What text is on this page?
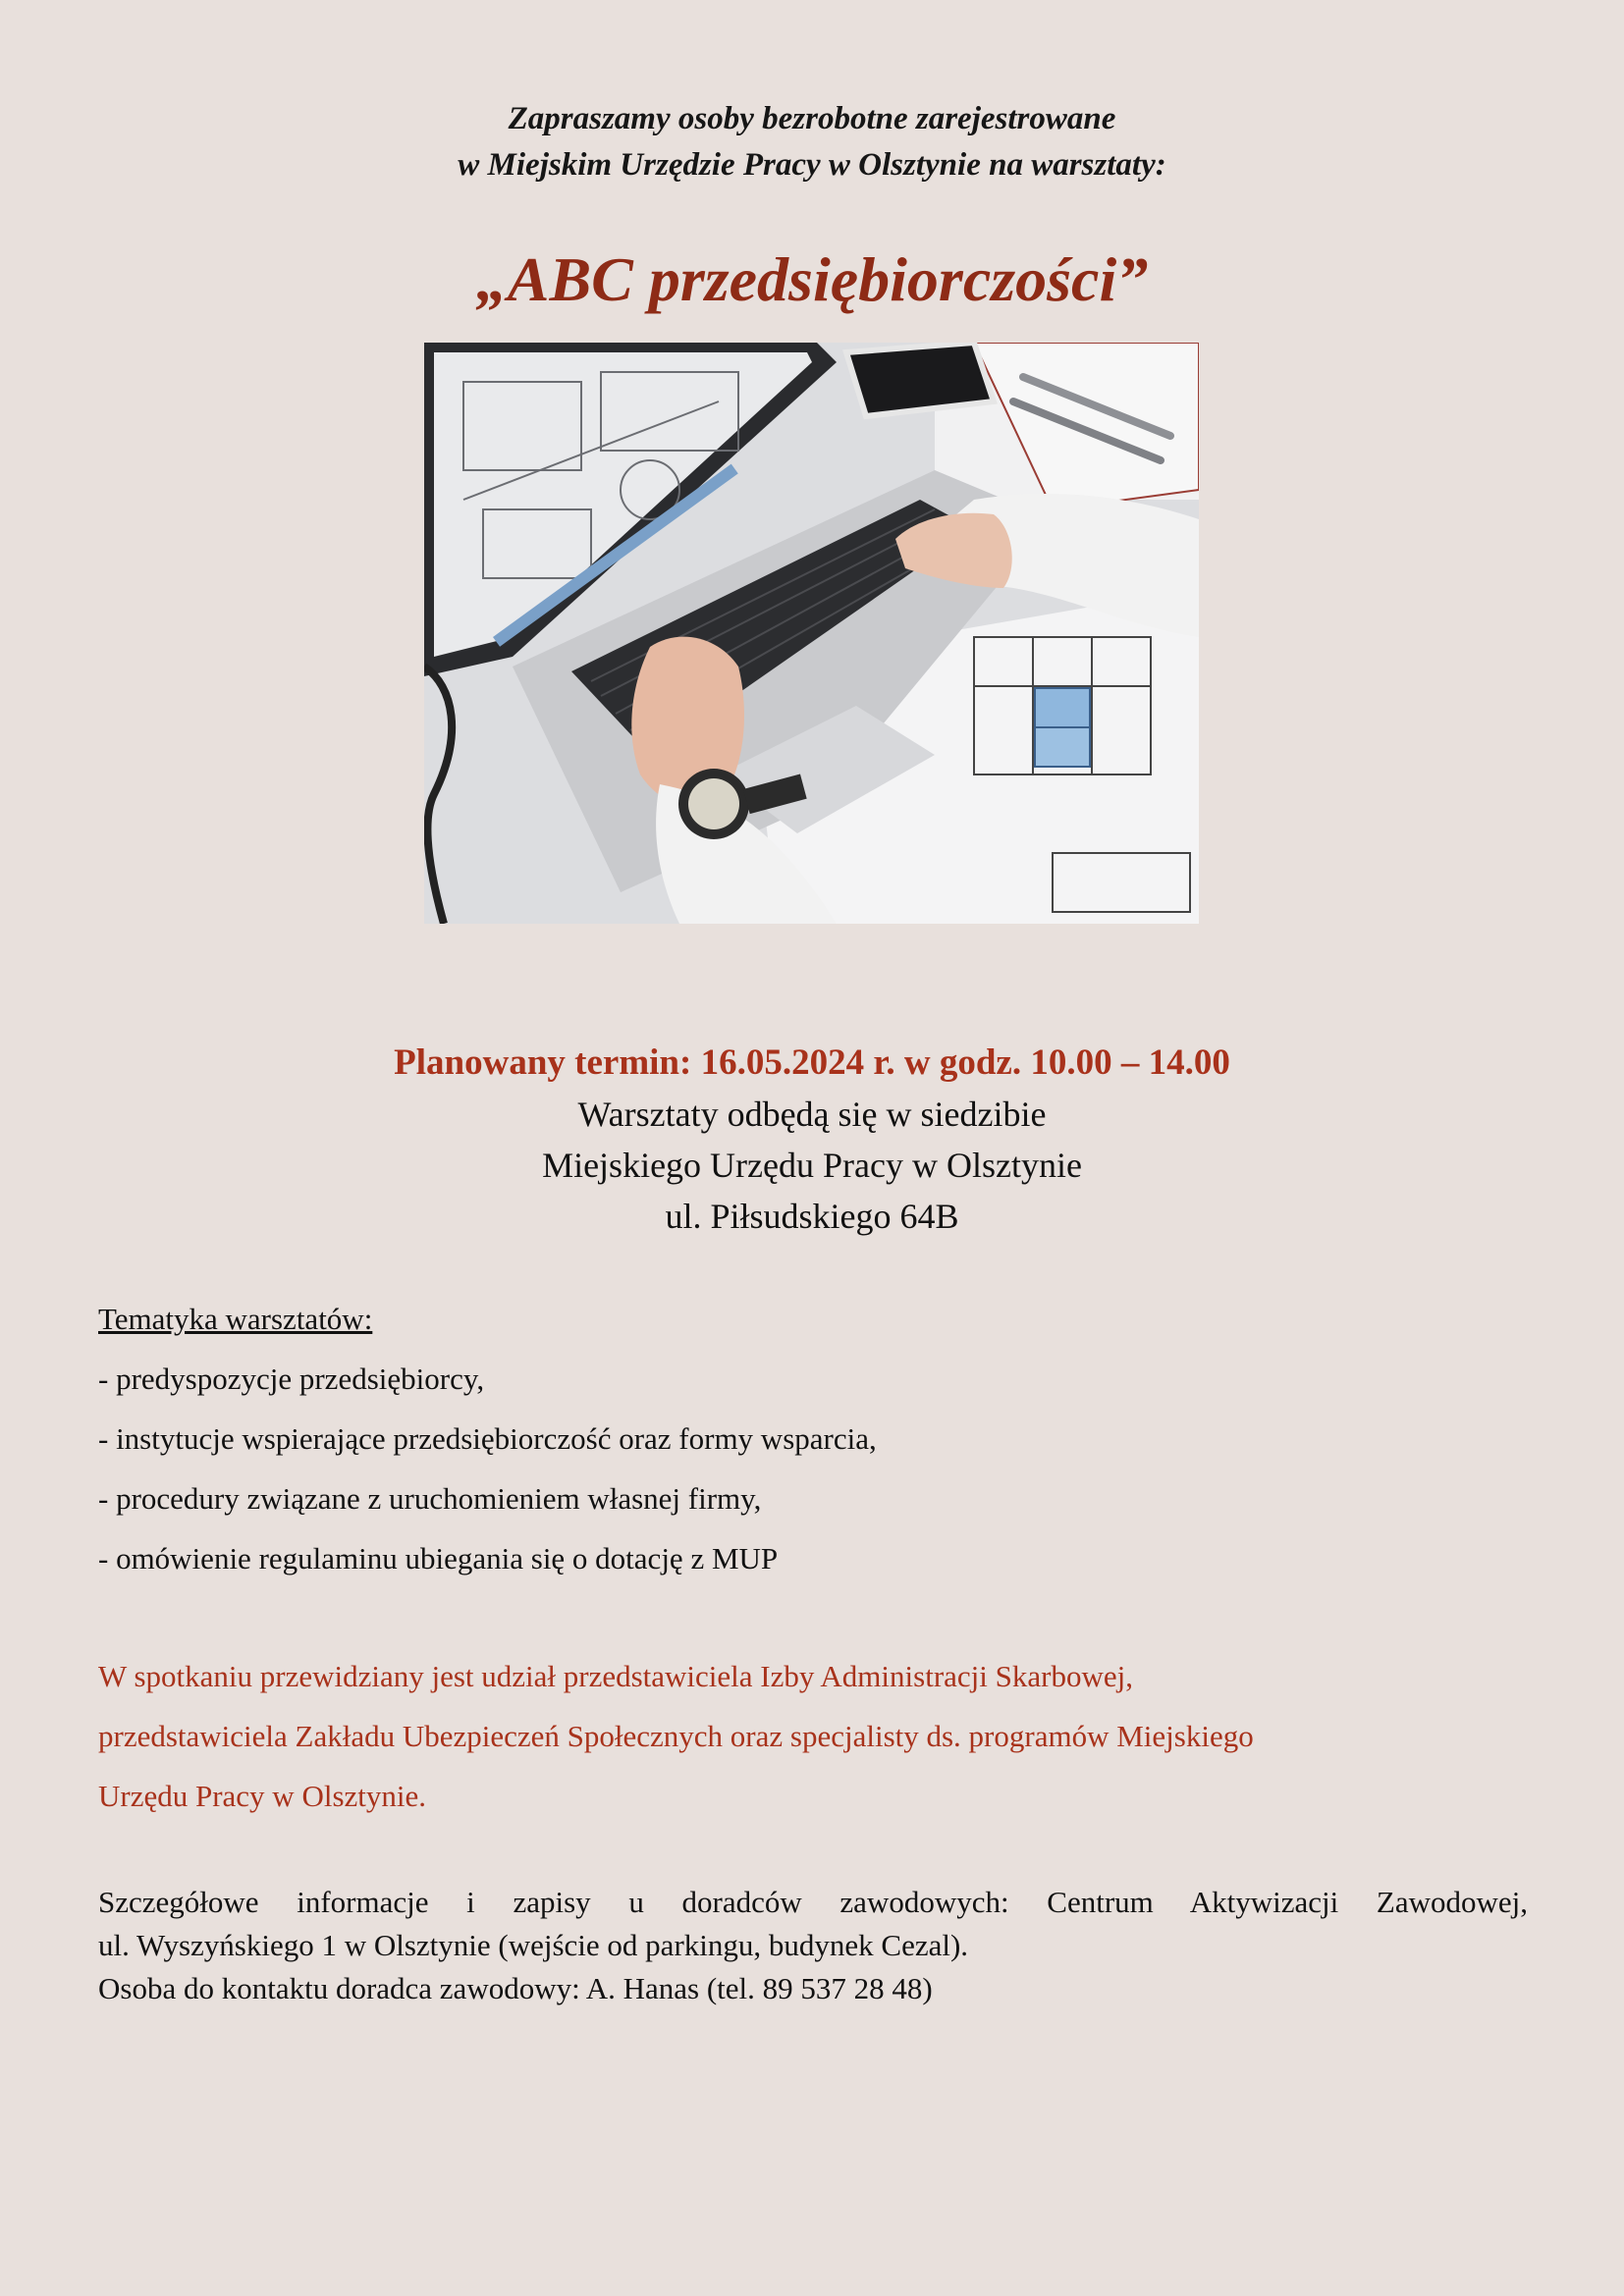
Zapraszamy osoby bezrobotne zarejestrowane
w Miejskim Urzędzie Pracy w Olsztynie na warsztaty:
„ABC przedsiębiorczości”
Planowany termin: 16.05.2024 r. w godz. 10.00 – 14.00
Warsztaty odbędą się w siedzibie
Miejskiego Urzędu Pracy w Olsztynie
ul. Piłsudskiego 64B
Tematyka warsztatów:
- predyspozycje przedsiębiorcy,
- instytucje wspierające przedsiębiorczość oraz formy wsparcia,
- procedury związane z uruchomieniem własnej firmy,
- omówienie regulaminu ubiegania się o dotację z MUP
W spotkaniu przewidziany jest udział przedstawiciela Izby Administracji Skarbowej,
przedstawiciela Zakładu Ubezpieczeń Społecznych oraz specjalisty ds. programów Miejskiego
Urzędu Pracy w Olsztynie.
Szczegółowe informacje i zapisy u doradców zawodowych: Centrum Aktywizacji Zawodowej,
ul. Wyszyńskiego 1 w Olsztynie (wejście od parkingu, budynek Cezal).
Osoba do kontaktu doradca zawodowy: A. Hanas (tel. 89 537 28 48)
